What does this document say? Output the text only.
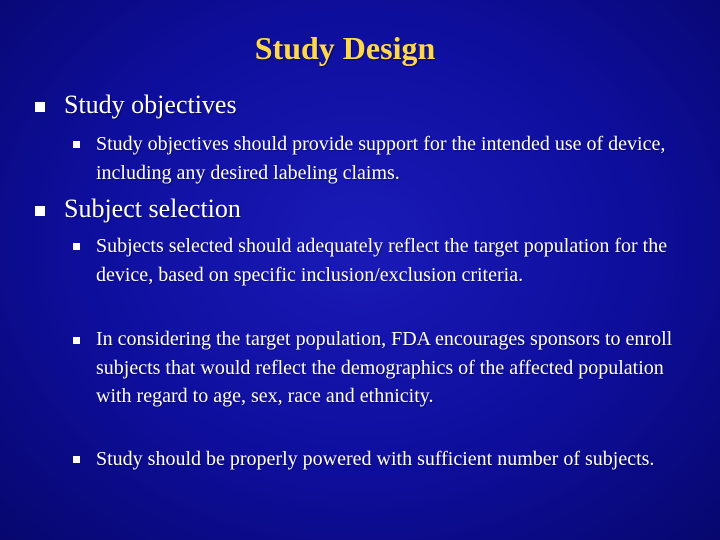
Study Design
Study objectives
Study objectives should provide support for the intended use of device, including any desired labeling claims.
Subject selection
Subjects selected should adequately reflect the target population for the device, based on specific inclusion/exclusion criteria.
In considering the target population, FDA encourages sponsors to enroll subjects that would reflect the demographics of the affected population with regard to age, sex, race and ethnicity.
Study should be properly powered with sufficient number of subjects.
